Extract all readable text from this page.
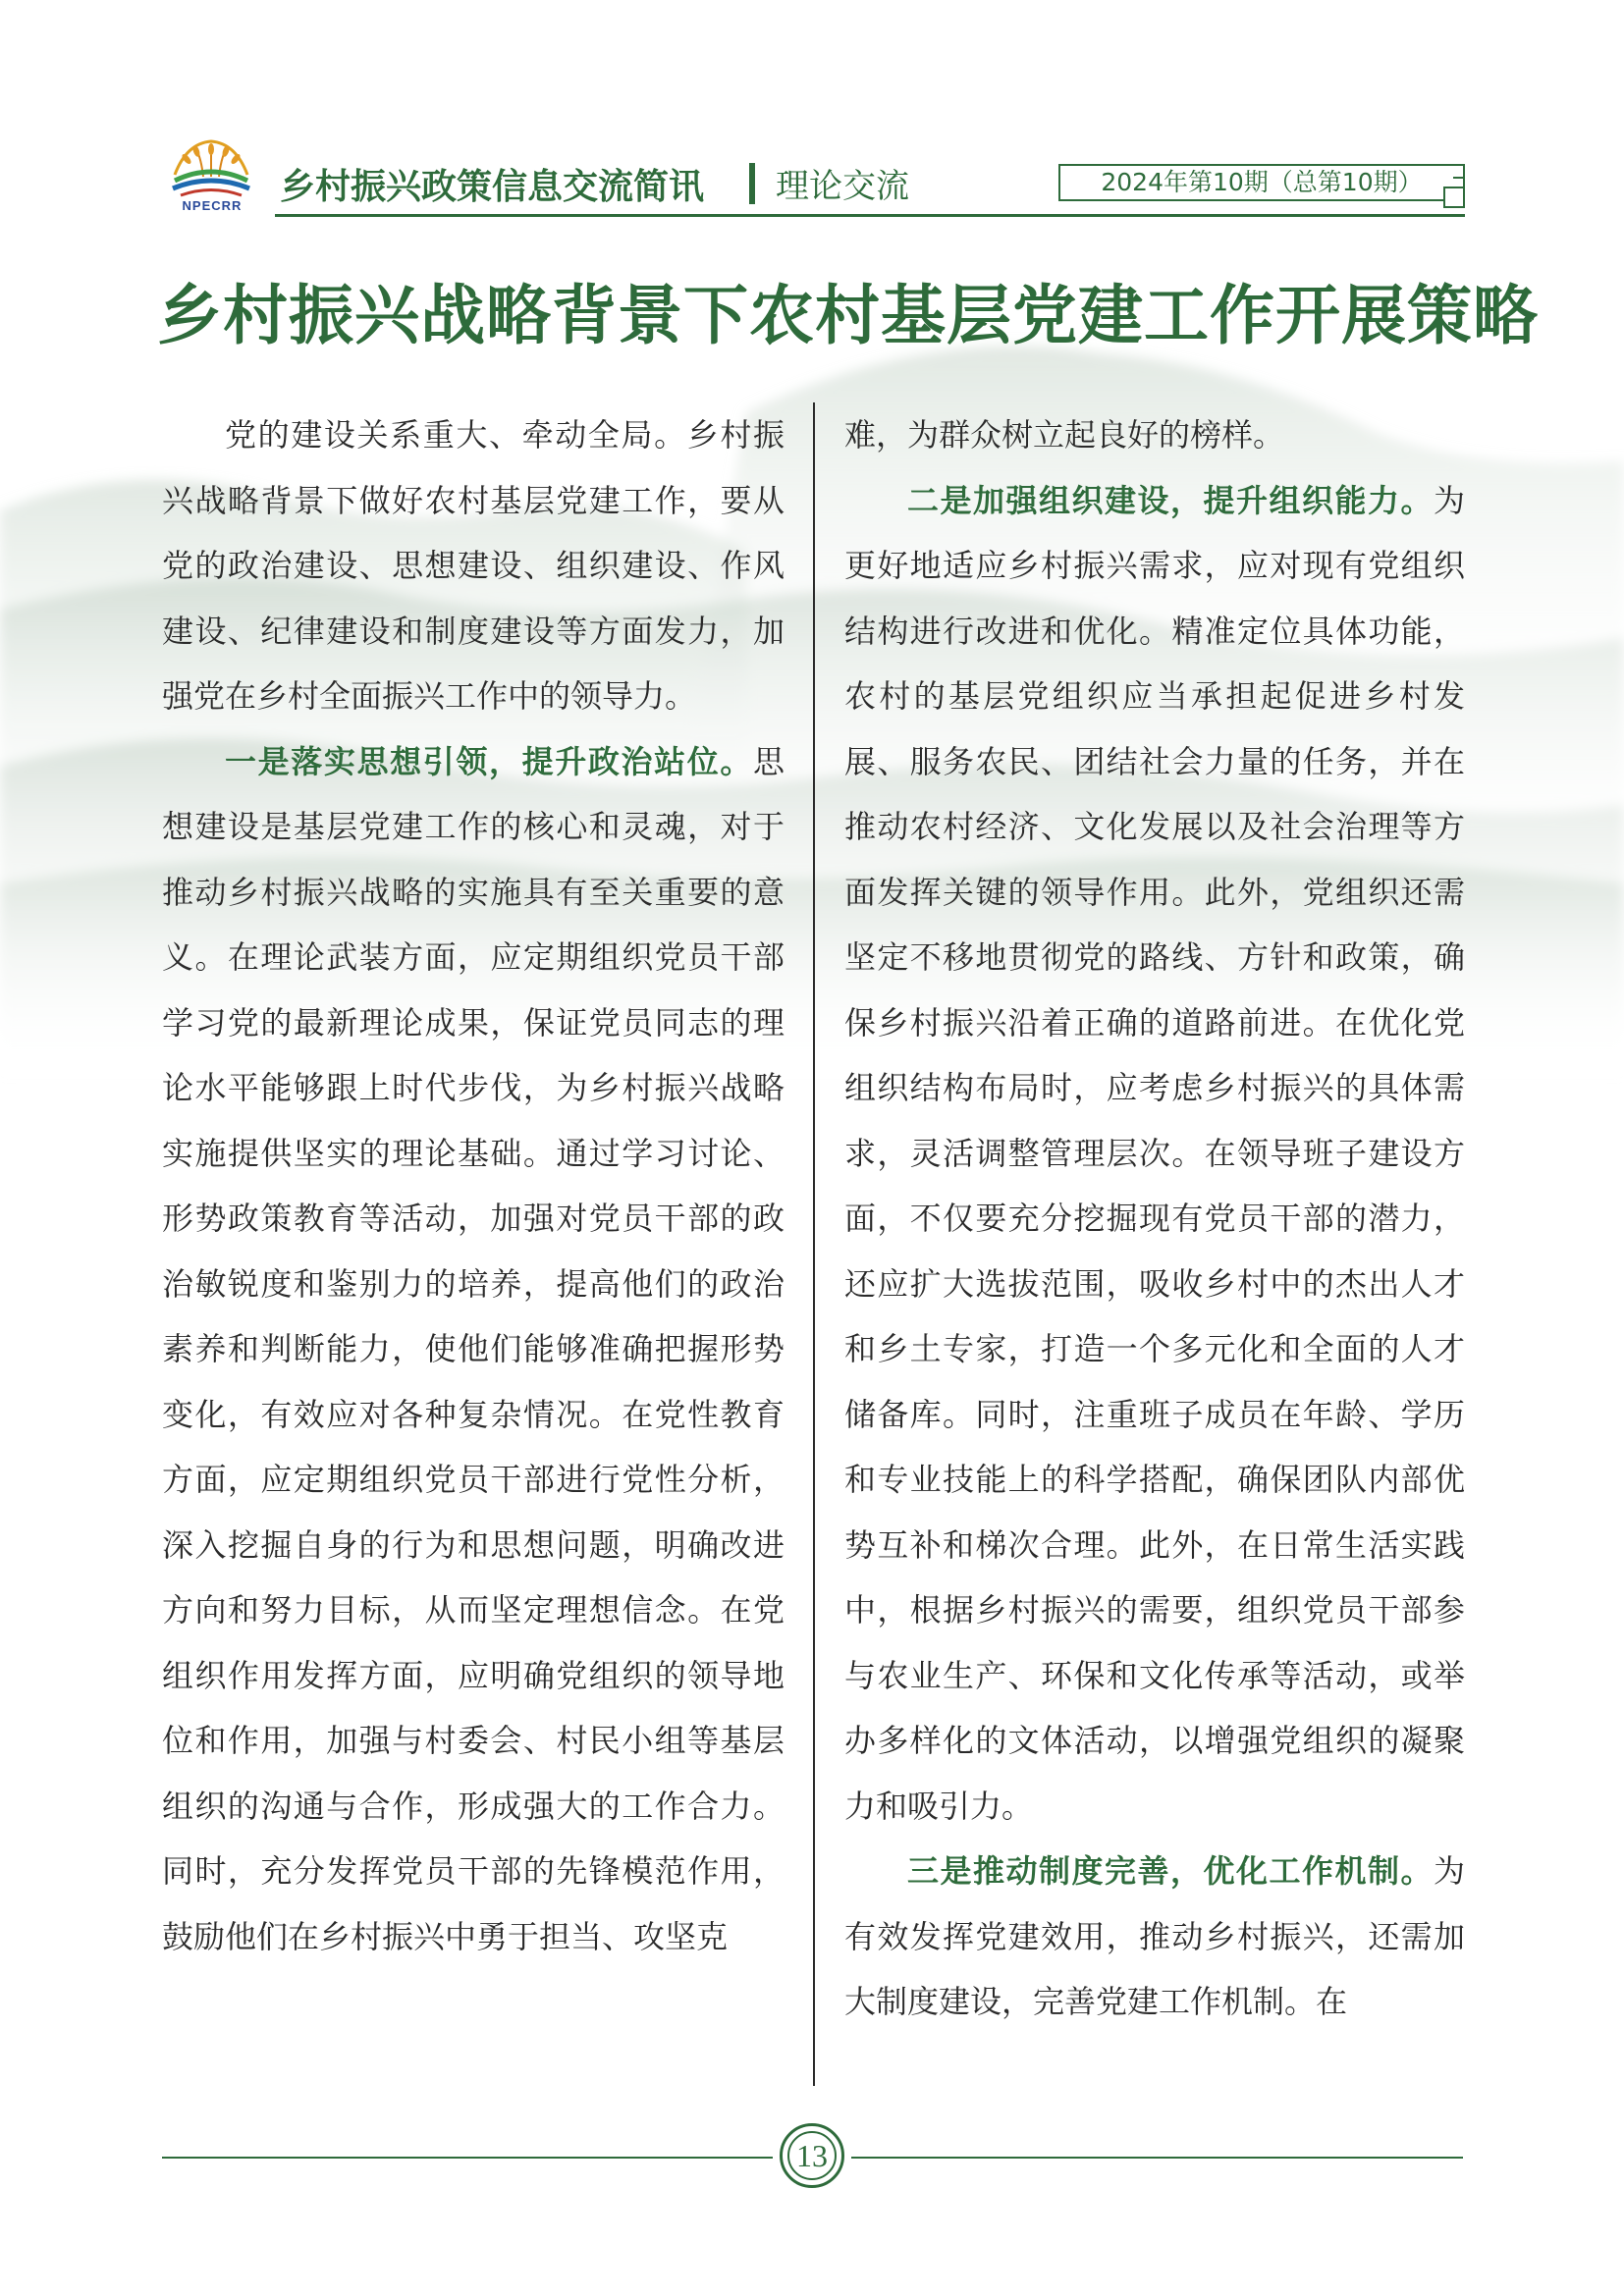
NPECRR	乡村振兴政策信息交流简讯 理论交流	2024年第10期（总第10期）
乡村振兴战略背景下农村基层党建工作开展策略

党的建设关系重大、牵动全局。乡村振兴战略背景下做好农村基层党建工作，要从党的政治建设、思想建设、组织建设、作风建设、纪律建设和制度建设等方面发力，加强党在乡村全面振兴工作中的领导力。

一是落实思想引领，提升政治站位。思想建设是基层党建工作的核心和灵魂，对于推动乡村振兴战略的实施具有至关重要的意义。在理论武装方面，应定期组织党员干部学习党的最新理论成果，保证党员同志的理论水平能够跟上时代步伐，为乡村振兴战略实施提供坚实的理论基础。通过学习讨论、形势政策教育等活动，加强对党员干部的政治敏锐度和鉴别力的培养，提高他们的政治素养和判断能力，使他们能够准确把握形势变化，有效应对各种复杂情况。在党性教育方面，应定期组织党员干部进行党性分析，深入挖掘自身的行为和思想问题，明确改进方向和努力目标，从而坚定理想信念。在党组织作用发挥方面，应明确党组织的领导地位和作用，加强与村委会、村民小组等基层组织的沟通与合作，形成强大的工作合力。同时，充分发挥党员干部的先锋模范作用，鼓励他们在乡村振兴中勇于担当、攻坚克

难，为群众树立起良好的榜样。

二是加强组织建设，提升组织能力。为更好地适应乡村振兴需求，应对现有党组织结构进行改进和优化。精准定位具体功能，农村的基层党组织应当承担起促进乡村发展、服务农民、团结社会力量的任务，并在推动农村经济、文化发展以及社会治理等方面发挥关键的领导作用。此外，党组织还需坚定不移地贯彻党的路线、方针和政策，确保乡村振兴沿着正确的道路前进。在优化党组织结构布局时，应考虑乡村振兴的具体需求，灵活调整管理层次。在领导班子建设方面，不仅要充分挖掘现有党员干部的潜力，还应扩大选拔范围，吸收乡村中的杰出人才和乡土专家，打造一个多元化和全面的人才储备库。同时，注重班子成员在年龄、学历和专业技能上的科学搭配，确保团队内部优势互补和梯次合理。此外，在日常生活实践中，根据乡村振兴的需要，组织党员干部参与农业生产、环保和文化传承等活动，或举办多样化的文体活动，以增强党组织的凝聚力和吸引力。

三是推动制度完善，优化工作机制。为有效发挥党建效用，推动乡村振兴，还需加大制度建设，完善党建工作机制。在

13
